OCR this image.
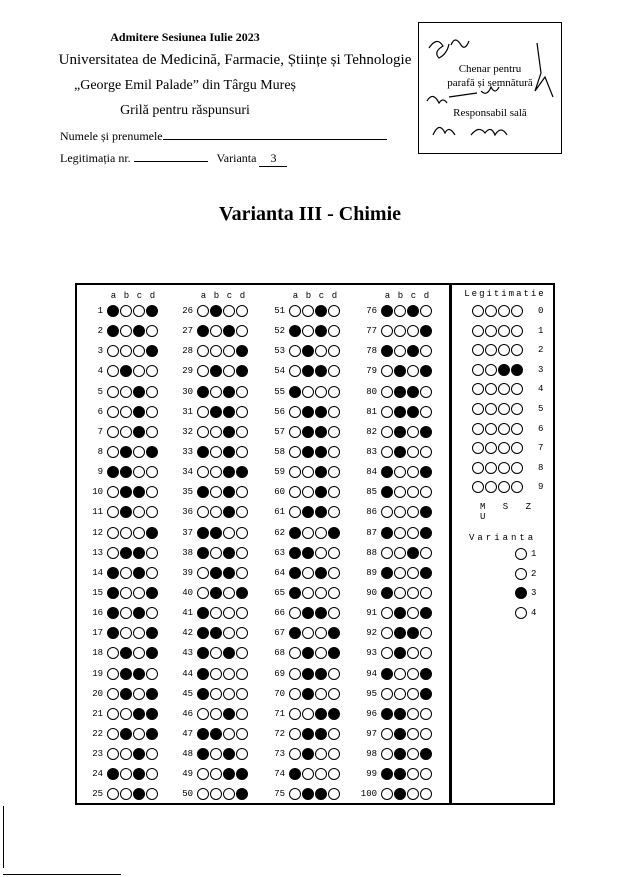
Admitere Sesiunea Iulie 2023
Universitatea de Medicină, Farmacie, Științe și Tehnologie
„George Emil Palade” din Târgu Mureș
Grilă pentru răspunsuri
Numele și prenumele
Legitimația nr.	Varianta 3
Chenar pentru
parafă și semnătură
Responsabil sală
Varianta III - Chimie
a b c d
1
2
3
4
5
6
7
8
9
10
11
12
13
14
15
16
17
18
19
20
21
22
23
24
25
a b c d
26
27
28
29
30
31
32
33
34
35
36
37
38
39
40
41
42
43
44
45
46
47
48
49
50
a b c d
51
52
53
54
55
56
57
58
59
60
61
62
63
64
65
66
67
68
69
70
71
72
73
74
75
a b c d
76
77
78
79
80
81
82
83
84
85
86
87
88
89
90
91
92
93
94
95
96
97
98
99
100
Legitimatie
0
1
2
3
4
5
6
7
8
9
M S Z U
Varianta
1
2
3
4
